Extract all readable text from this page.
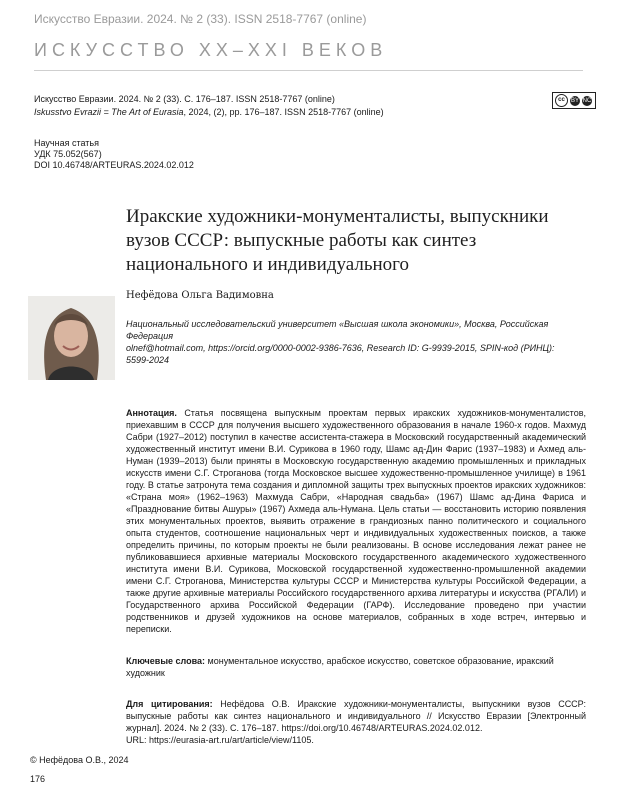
Искусство Евразии. 2024. № 2 (33). ISSN 2518-7767 (online)
ИСКУССТВО XX–XXI ВЕКОВ
Искусство Евразии. 2024. № 2 (33). С. 176–187. ISSN 2518-7767 (online)
Iskusstvo Evrazii = The Art of Eurasia, 2024, (2), pp. 176–187. ISSN 2518-7767 (online)
cc	BY NC
Научная статья
УДК 75.052(567)
DOI 10.46748/ARTEURAS.2024.02.012
Иракские художники-монументалисты, выпускники вузов СССР: выпускные работы как синтез национального и индивидуального
Нефёдова Ольга Вадимовна
Национальный исследовательский университет «Высшая школа экономики», Москва, Российская Федерация
olnef@hotmail.com, https://orcid.org/0000-0002-9386-7636, Research ID: G-9939-2015, SPIN-код (РИНЦ): 5599-2024
Аннотация. Статья посвящена выпускным проектам первых иракских художников-монументалистов, приехавшим в СССР для получения высшего художественного образования в начале 1960-х годов. Махмуд Сабри (1927–2012) поступил в качестве ассистента-стажера в Московский государственный академический художественный институт имени В.И. Сурикова в 1960 году, Шамс ад-Дин Фарис (1937–1983) и Ахмед аль-Нуман (1939–2013) были приняты в Московскую государственную академию промышленных и прикладных искусств имени С.Г. Строганова (тогда Московское высшее художественно-промышленное училище) в 1961 году. В статье затронута тема создания и дипломной защиты трех выпускных проектов иракских художников: «Страна моя» (1962–1963) Махмуда Сабри, «Народная свадьба» (1967) Шамс ад-Дина Фариса и «Празднование битвы Ашуры» (1967) Ахмеда аль-Нумана. Цель статьи — восстановить историю появления этих монументальных проектов, выявить отражение в грандиозных панно политического и социального опыта студентов, соотношение национальных черт и индивидуальных художественных поисков, а также определить причины, по которым проекты не были реализованы. В основе исследования лежат ранее не публиковавшиеся архивные материалы Московского государственного академического художественного института имени В.И. Сурикова, Московской государственной художественно-промышленной академии имени С.Г. Строганова, Министерства культуры СССР и Министерства культуры Российской Федерации, а также другие архивные материалы Российского государственного архива литературы и искусства (РГАЛИ) и Государственного архива Российской Федерации (ГАРФ). Исследование проведено при участии родственников и друзей художников на основе материалов, собранных в ходе встреч, интервью и переписки.
Ключевые слова: монументальное искусство, арабское искусство, советское образование, иракский художник
Для цитирования: Нефёдова О.В. Иракские художники-монументалисты, выпускники вузов СССР: выпускные работы как синтез национального и индивидуального // Искусство Евразии [Электронный журнал]. 2024. № 2 (33). С. 176–187. https://doi.org/10.46748/ARTEURAS.2024.02.012.
URL: https://eurasia-art.ru/art/article/view/1105.
© Нефёдова О.В., 2024
176
